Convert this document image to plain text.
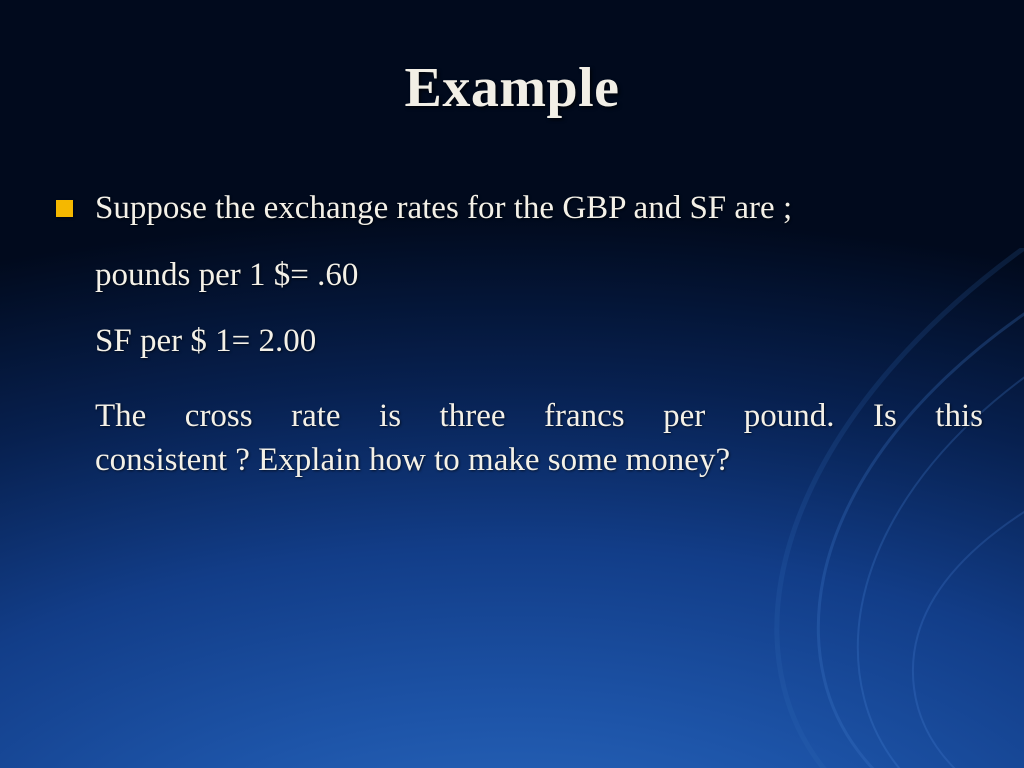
Example
Suppose the exchange rates for the GBP and SF are ;
pounds per 1 $= .60
SF per $ 1= 2.00
The cross rate is three francs per pound. Is this
consistent ? Explain how to make some money?
